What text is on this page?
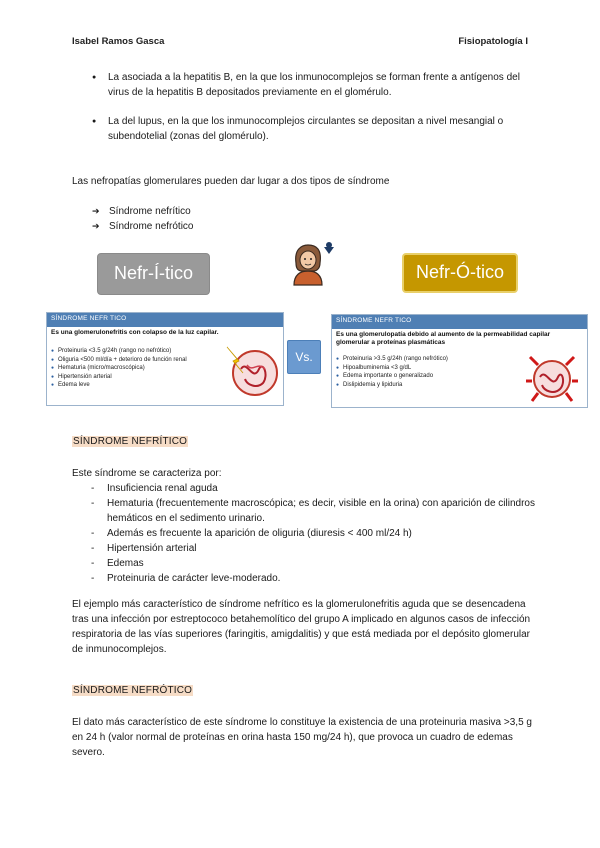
Isabel Ramos Gasca	Fisiopatología I
● La asociada a la hepatitis B, en la que los inmunocomplejos se forman frente a antígenos del virus de la hepatitis B depositados previamente en el glomérulo.
● La del lupus, en la que los inmunocomplejos circulantes se depositan a nivel mesangial o subendotelial (zonas del glomérulo).
Las nefropatías glomerulares pueden dar lugar a dos tipos de síndrome
➔ Síndrome nefrítico
➔ Síndrome nefrótico
Nefr-Í-tico	Nefr-Ó-tico
SÍNDROME NEFR TICO
Es una glomerulonefritis con colapso de la luz capilar.
● Proteinuria <3.5 g/24h (rango no nefrótico)
● Oliguria <500 ml/día + deterioro de función renal
● Hematuria (micro/macroscópica)
● Hipertensión arterial
● Edema leve
Vs.
SÍNDROME NEFR TICO
Es una glomerulopatía debido al aumento de la permeabilidad capilar glomerular a proteínas plasmáticas
● Proteinuria >3.5 g/24h (rango nefrótico)
● Hipoalbuminemia <3 g/dL
● Edema importante o generalizado
● Dislipidemia y lipiduria
SÍNDROME NEFRÍTICO
Este síndrome se caracteriza por:
- Insuficiencia renal aguda
- Hematuria (frecuentemente macroscópica; es decir, visible en la orina) con aparición de cilindros hemáticos en el sedimento urinario.
- Además es frecuente la aparición de oliguria (diuresis < 400 ml/24 h)
- Hipertensión arterial
- Edemas
- Proteinuria de carácter leve-moderado.
El ejemplo más característico de síndrome nefrítico es la glomerulonefritis aguda que se desencadena tras una infección por estreptococo betahemolítico del grupo A implicado en algunos casos de infección respiratoria de las vías superiores (faringitis, amigdalitis) y que está mediada por el depósito glomerular de inmunocomplejos.
SÍNDROME NEFRÓTICO
El dato más característico de este síndrome lo constituye la existencia de una proteinuria masiva >3,5 g en 24 h (valor normal de proteínas en orina hasta 150 mg/24 h), que provoca un cuadro de edemas severo.
